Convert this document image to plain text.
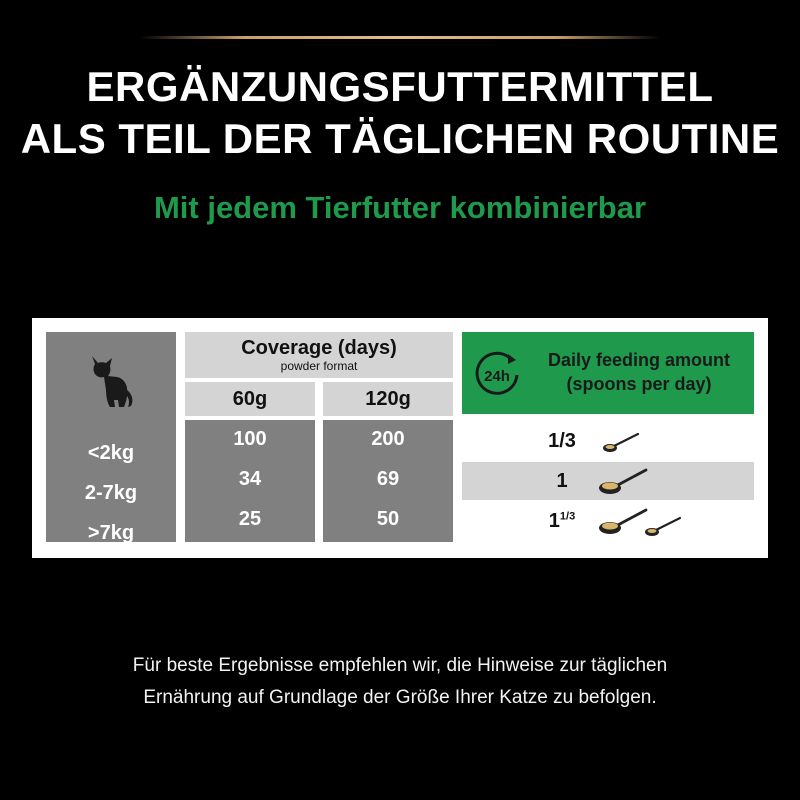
ERGÄNZUNGSFUTTERMITTEL
ALS TEIL DER TÄGLICHEN ROUTINE
Mit jedem Tierfutter kombinierbar
<2kg
2-7kg
>7kg
Coverage (days)
powder format
60g
100
34
25
120g
200
69
50
24h
Daily feeding amount
(spoons per day)
1/3
1
$1^{1/3}$
Für beste Ergebnisse empfehlen wir, die Hinweise zur täglichen
Ernährung auf Grundlage der Größe Ihrer Katze zu befolgen.
